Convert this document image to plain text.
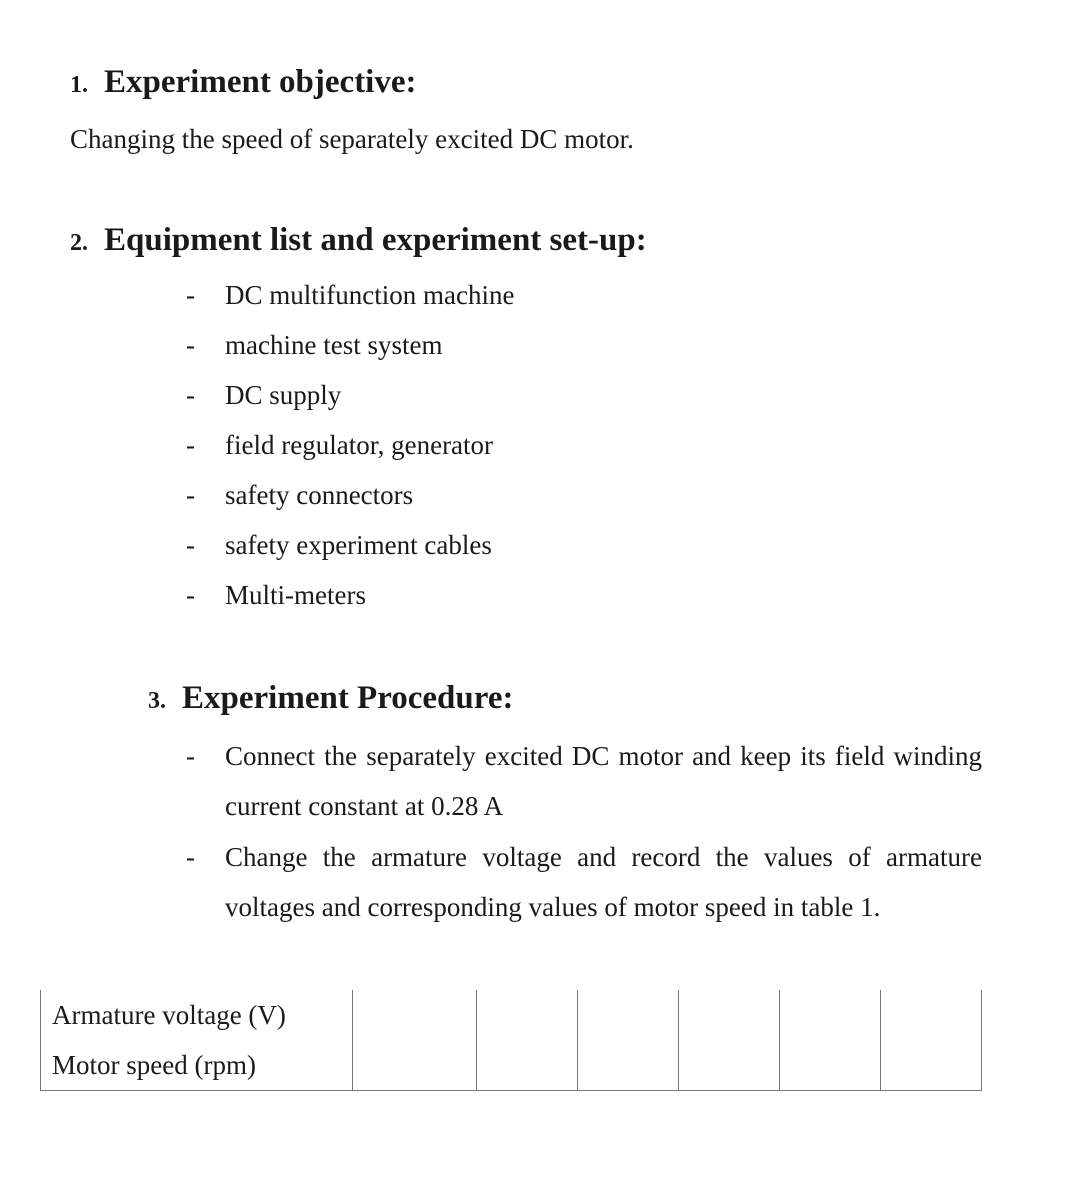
1. Experiment objective:
Changing the speed of separately excited DC motor.
2. Equipment list and experiment set-up:
- DC multifunction machine
- machine test system
- DC supply
- field regulator, generator
- safety connectors
- safety experiment cables
- Multi-meters
3. Experiment Procedure:
- Connect the separately excited DC motor and keep its field winding current constant at 0.28 A
- Change the armature voltage and record the values of armature voltages and corresponding values of motor speed in table 1.
Armature voltage (V)						
Motor speed (rpm)						
